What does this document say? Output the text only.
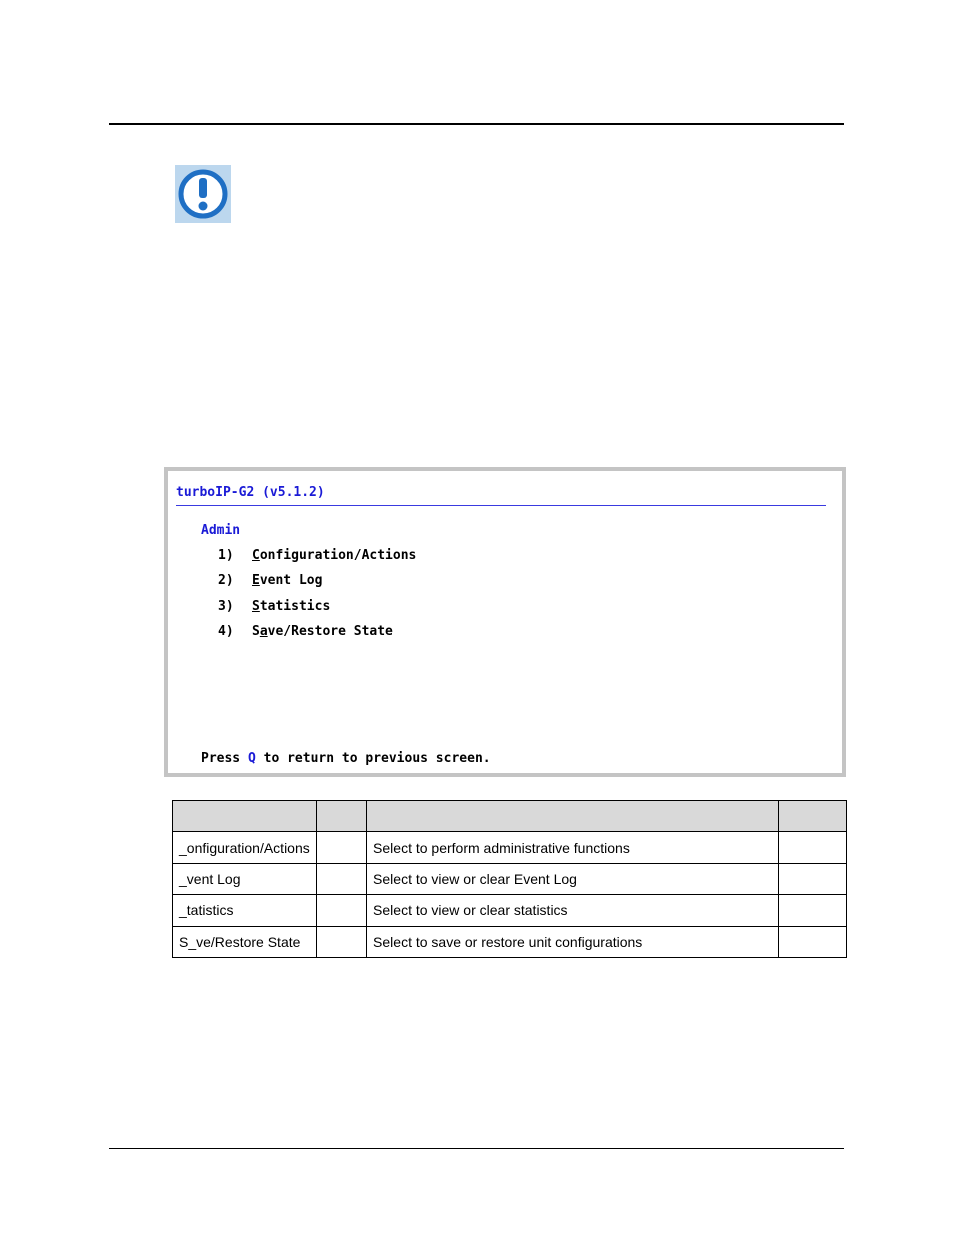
turboIP-G2 (v5.1.2)
Admin
1) Configuration/Actions
2) Event Log
3) Statistics
4) Save/Restore State
Press Q to return to previous screen.

_onfiguration/Actions		Select to perform administrative functions	
_vent Log		Select to view or clear Event Log	
_tatistics		Select to view or clear statistics	
S_ve/Restore State		Select to save or restore unit configurations	
